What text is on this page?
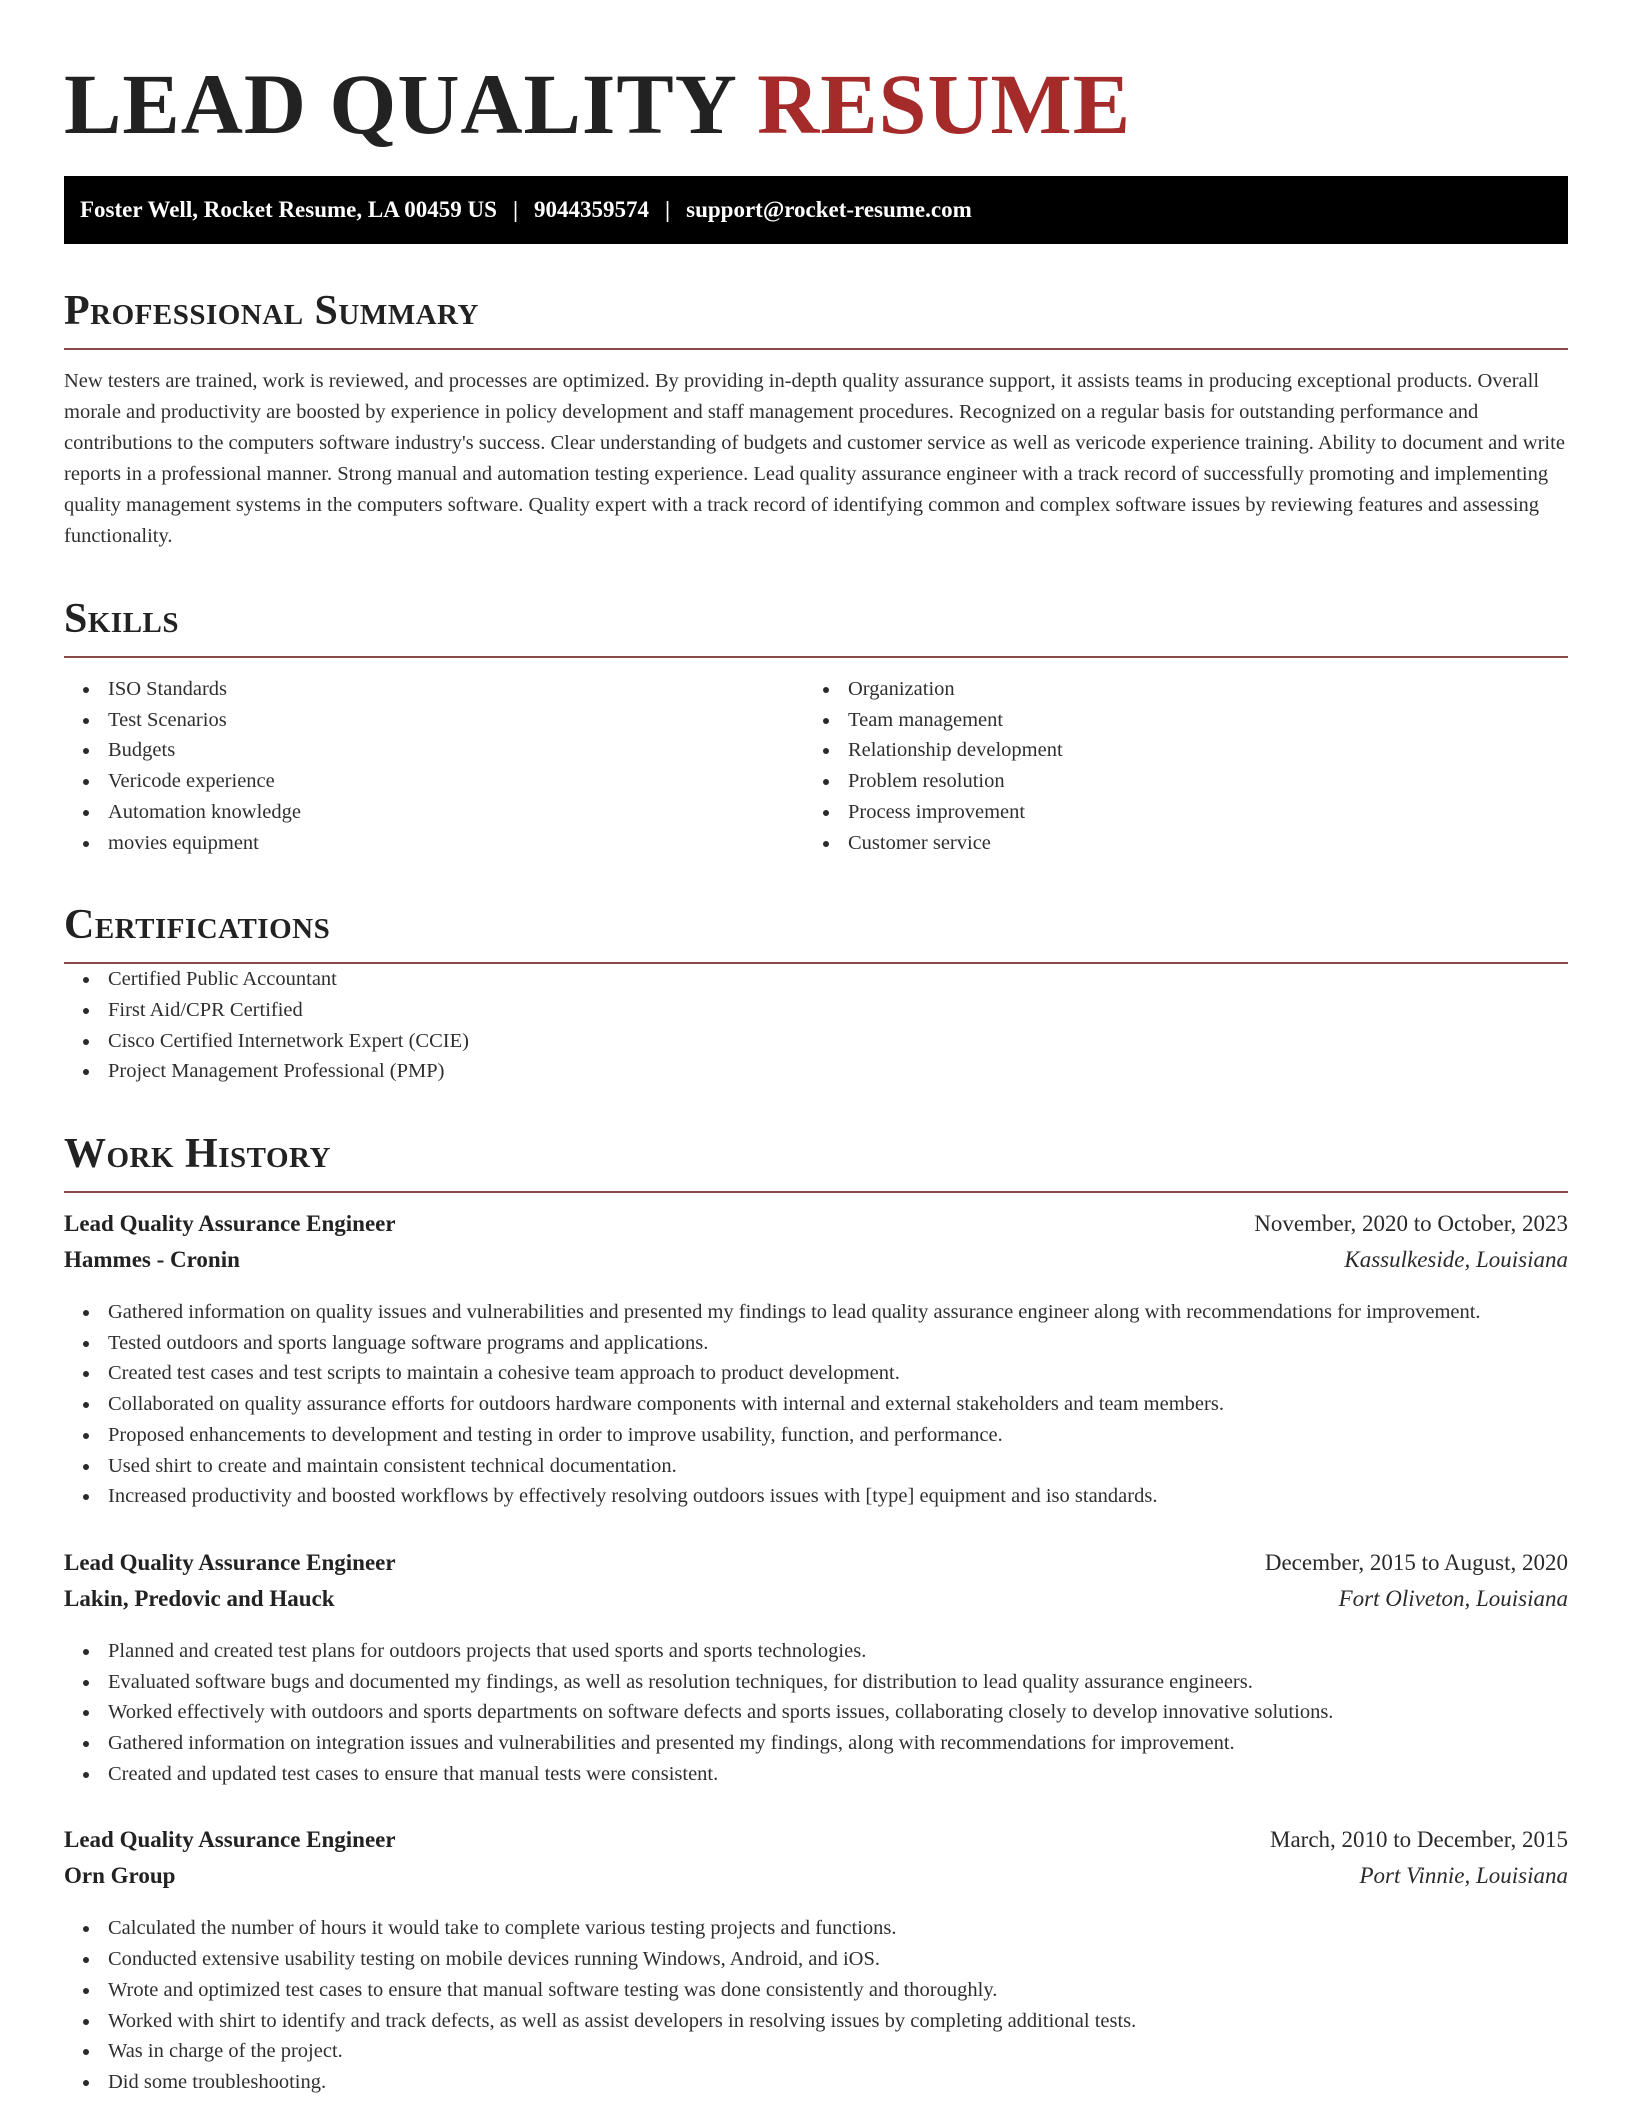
LEAD QUALITY RESUME
Foster Well, Rocket Resume, LA 00459 US | 9044359574 | support@rocket-resume.com
Professional Summary

New testers are trained, work is reviewed, and processes are optimized. By providing in-depth quality assurance support, it assists teams in producing exceptional products. Overall morale and productivity are boosted by experience in policy development and staff management procedures. Recognized on a regular basis for outstanding performance and contributions to the computers software industry's success. Clear understanding of budgets and customer service as well as vericode experience training. Ability to document and write reports in a professional manner. Strong manual and automation testing experience. Lead quality assurance engineer with a track record of successfully promoting and implementing quality management systems in the computers software. Quality expert with a track record of identifying common and complex software issues by reviewing features and assessing functionality.

Skills
ISO Standards
Test Scenarios
Budgets
Vericode experience
Automation knowledge
movies equipment
Organization
Team management
Relationship development
Problem resolution
Process improvement
Customer service
Certifications
Certified Public Accountant
First Aid/CPR Certified
Cisco Certified Internetwork Expert (CCIE)
Project Management Professional (PMP)
Work History
Lead Quality Assurance Engineer	November, 2020 to October, 2023
Hammes - Cronin	Kassulkeside, Louisiana
Gathered information on quality issues and vulnerabilities and presented my findings to lead quality assurance engineer along with recommendations for improvement.
Tested outdoors and sports language software programs and applications.
Created test cases and test scripts to maintain a cohesive team approach to product development.
Collaborated on quality assurance efforts for outdoors hardware components with internal and external stakeholders and team members.
Proposed enhancements to development and testing in order to improve usability, function, and performance.
Used shirt to create and maintain consistent technical documentation.
Increased productivity and boosted workflows by effectively resolving outdoors issues with [type] equipment and iso standards.
Lead Quality Assurance Engineer	December, 2015 to August, 2020
Lakin, Predovic and Hauck	Fort Oliveton, Louisiana
Planned and created test plans for outdoors projects that used sports and sports technologies.
Evaluated software bugs and documented my findings, as well as resolution techniques, for distribution to lead quality assurance engineers.
Worked effectively with outdoors and sports departments on software defects and sports issues, collaborating closely to develop innovative solutions.
Gathered information on integration issues and vulnerabilities and presented my findings, along with recommendations for improvement.
Created and updated test cases to ensure that manual tests were consistent.
Lead Quality Assurance Engineer	March, 2010 to December, 2015
Orn Group	Port Vinnie, Louisiana
Calculated the number of hours it would take to complete various testing projects and functions.
Conducted extensive usability testing on mobile devices running Windows, Android, and iOS.
Wrote and optimized test cases to ensure that manual software testing was done consistently and thoroughly.
Worked with shirt to identify and track defects, as well as assist developers in resolving issues by completing additional tests.
Was in charge of the project.
Did some troubleshooting.
